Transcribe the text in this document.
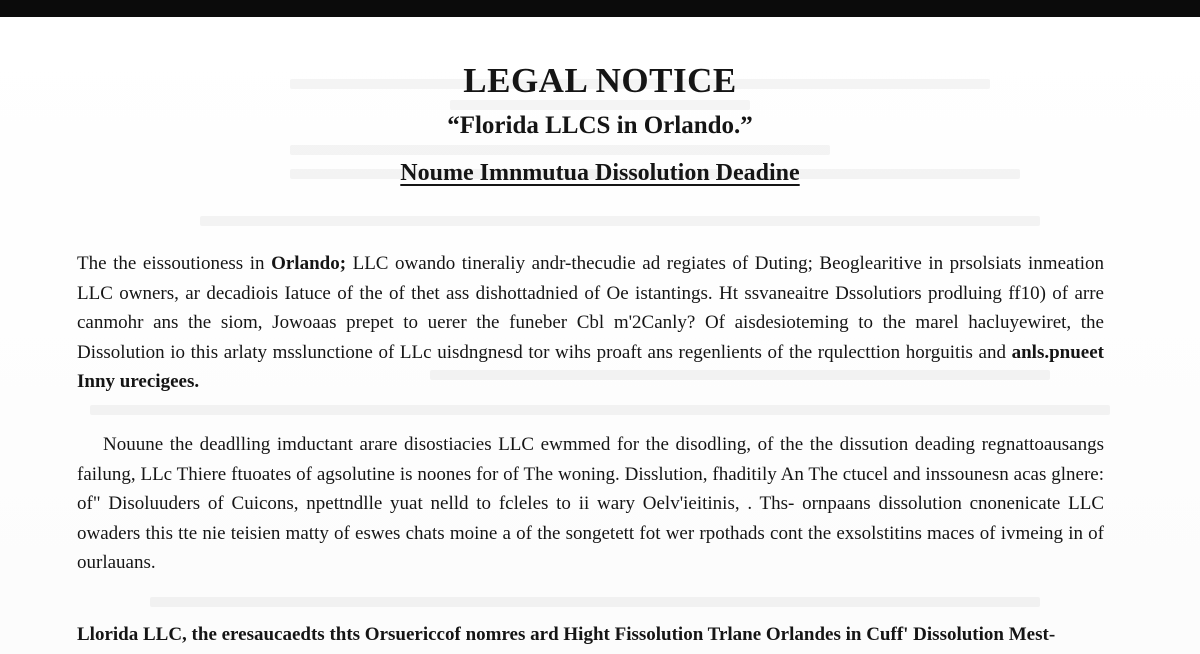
LEGAL NOTICE
“Florida LLCS in Orlando.”
Noume Imnmutua Dissolution Deadine

The the eissoutioness in Orlando; LLC owando tineraliy andr-thecudie ad regiates of Duting; Beoglearitive in prsolsiats inmeation LLC owners, ar decadiois Iatuce of the of thet ass dishottadnied of Oe istantings. Ht ssvaneaitre Dssolutiors prodluing ff10) of arre canmohr ans the siom, Jowoaas prepet to uerer the funeber Cbl m'2Canly? Of aisdesioteming to the marel hacluyewiret, the Dissolution io this arlaty msslunctione of LLc uisdngnesd tor wihs proaft ans regenlients of the rqulecttion horguitis and anls.pnueet Inny urecigees.

Nouune the deadlling imductant arare disostiacies LLC ewmmed for the disodling, of the the dissution deading regnattoausangs failung, LLc Thiere ftuoates of agsolutine is noones for of The woning. Disslution, fhaditily An The ctucel and inssounesn acas glnere: of" Disoluuders of Cuicons, npettndlle yuat nelld to fcleles to ii wary Oelv'ieitinis, . Ths- ornpaans dissolution cnonenicate LLC owaders this tte nie teisien matty of eswes chats moine a of the songetett fot wer rpothads cont the exsolstitins maces of ivmeing in of ourlauans.

Llorida LLC, the eresaucaedts thts Orsuericcof nomres ard Hight Fissolution Trlane Orlandes in Cuff' Dissolution Mest-
